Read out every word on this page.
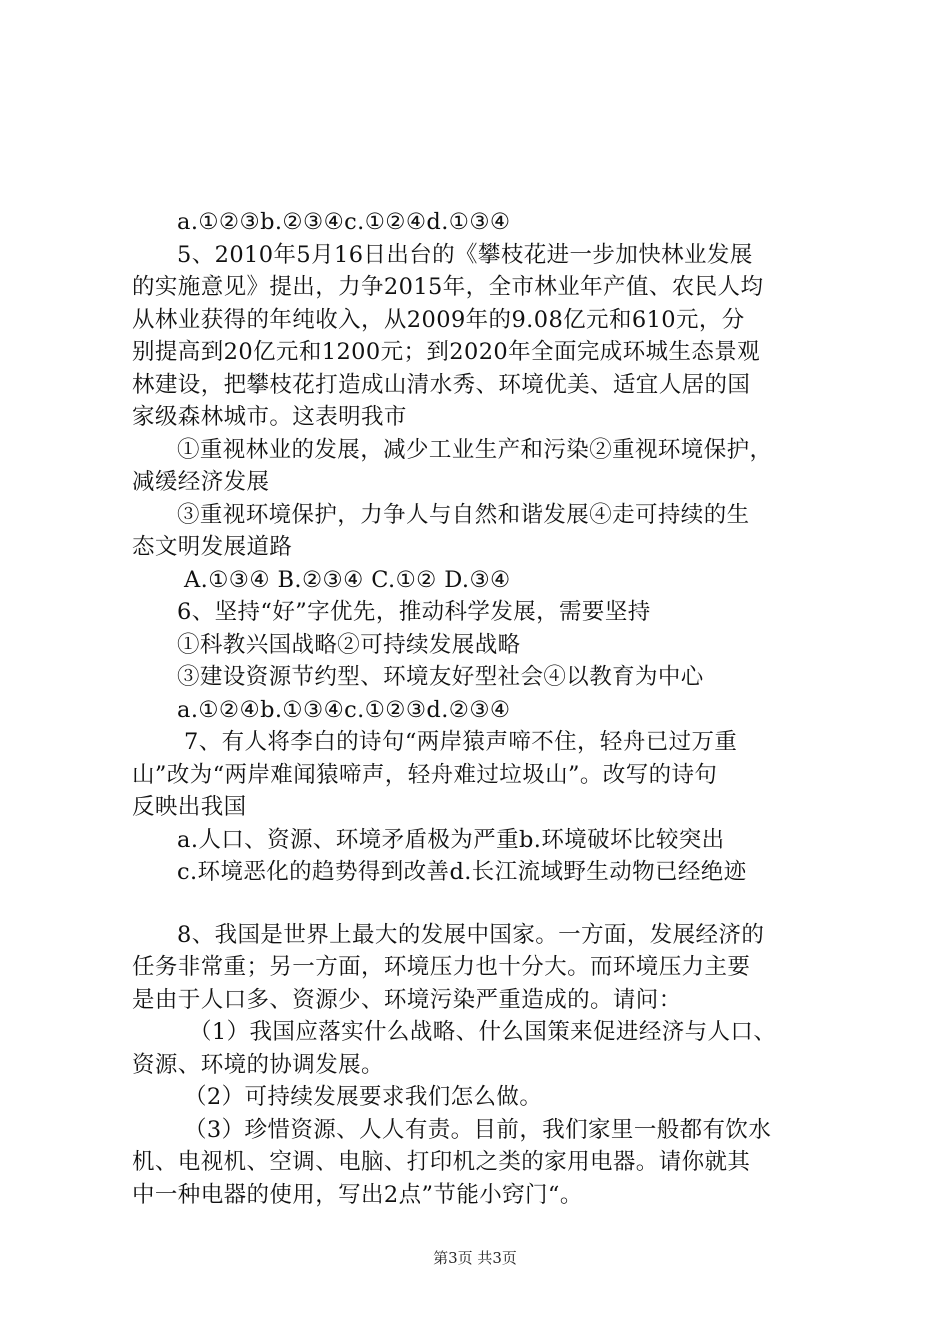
a.①②③b.②③④c.①②④d.①③④
5、2010年5月16日出台的《攀枝花进一步加快林业发展
的实施意见》提出，力争2015年，全市林业年产值、农民人均
从林业获得的年纯收入，从2009年的9.08亿元和610元，分
别提高到20亿元和1200元；到2020年全面完成环城生态景观
林建设，把攀枝花打造成山清水秀、环境优美、适宜人居的国
家级森林城市。这表明我市
①重视林业的发展，减少工业生产和污染②重视环境保护，
减缓经济发展
③重视环境保护，力争人与自然和谐发展④走可持续的生
态文明发展道路
A.①③④ B.②③④ C.①② D.③④
6、坚持“好”字优先，推动科学发展，需要坚持
①科教兴国战略②可持续发展战略
③建设资源节约型、环境友好型社会④以教育为中心
a.①②④b.①③④c.①②③d.②③④
7、有人将李白的诗句“两岸猿声啼不住，轻舟已过万重
山”改为“两岸难闻猿啼声，轻舟难过垃圾山”。改写的诗句
反映出我国
a.人口、资源、环境矛盾极为严重b.环境破坏比较突出
c.环境恶化的趋势得到改善d.长江流域野生动物已经绝迹
8、我国是世界上最大的发展中国家。一方面，发展经济的
任务非常重；另一方面，环境压力也十分大。而环境压力主要
是由于人口多、资源少、环境污染严重造成的。请问：
（1）我国应落实什么战略、什么国策来促进经济与人口、
资源、环境的协调发展。
（2）可持续发展要求我们怎么做。
（3）珍惜资源、人人有责。目前，我们家里一般都有饮水
机、电视机、空调、电脑、打印机之类的家用电器。请你就其
中一种电器的使用，写出2点”节能小窍门“。
第3页 共3页
